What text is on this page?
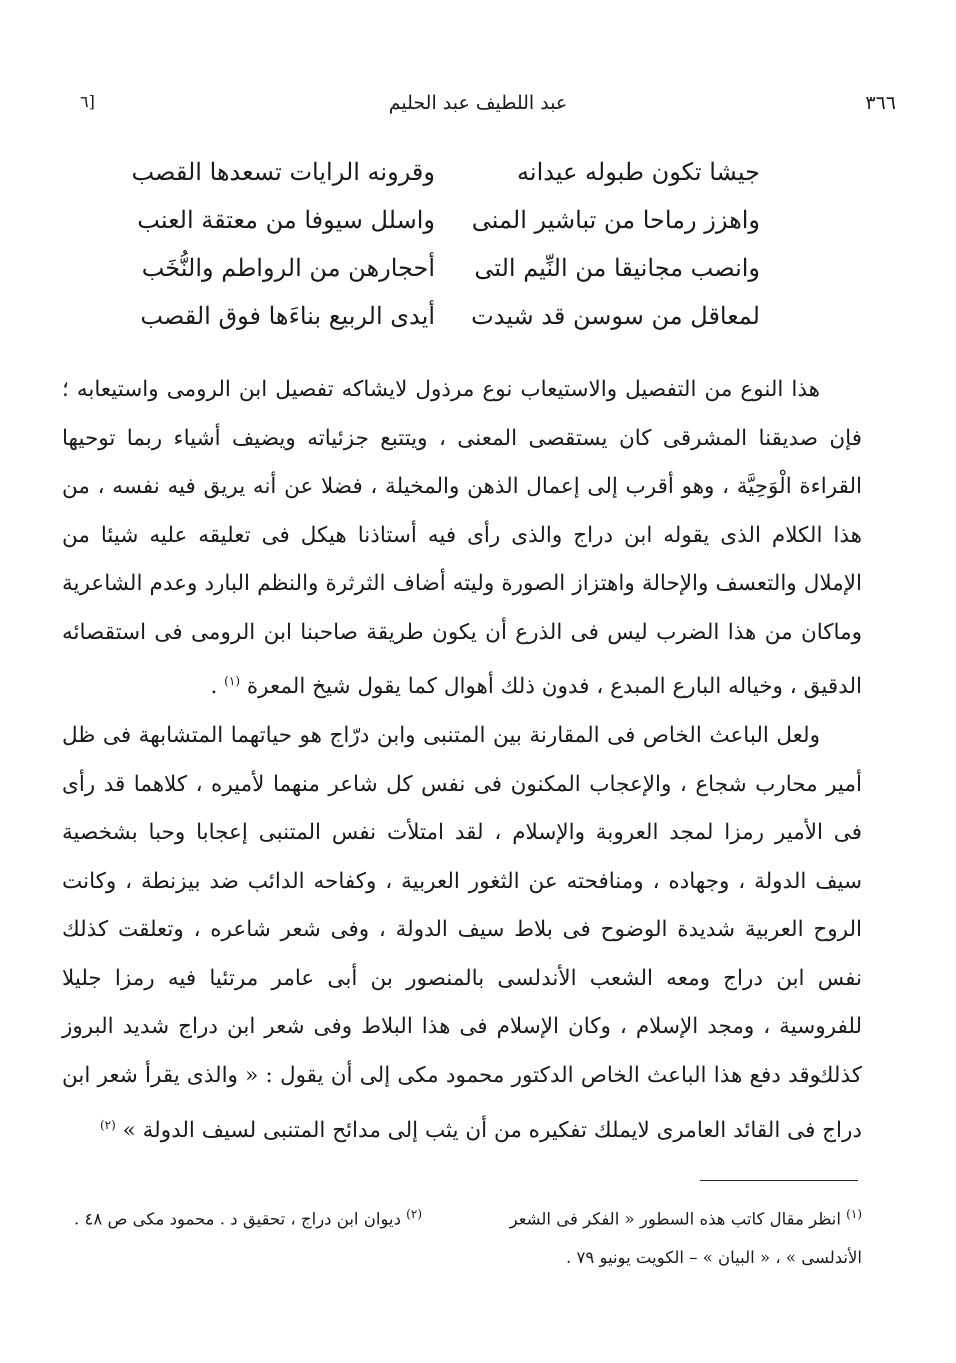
٣٦٦
عبد اللطيف عبد الحليم
[٦
جيشا تكون طبوله عيدانه
وقرونه الرايات تسعدها القصب
واهزز رماحا من تباشير المنى
واسلل سيوفا من معتقة العنب
وانصب مجانيقا من النِّيم التى
أحجارهن من الرواطم والنُّخَب
لمعاقل من سوسن قد شيدت
أيدى الربيع بناءَها فوق القصب

هذا النوع من التفصيل والاستيعاب نوع مرذول لايشاكه تفصيل ابن الرومى واستيعابه ؛ فإن صديقنا المشرقى كان يستقصى المعنى ، ويتتبع جزئياته ويضيف أشياء ربما توحيها القراءة الْوَحِيَّة ، وهو أقرب إلى إعمال الذهن والمخيلة ، فضلا عن أنه يريق فيه نفسه ، من هذا الكلام الذى يقوله ابن دراج والذى رأى فيه أستاذنا هيكل فى تعليقه عليه شيئا من الإملال والتعسف والإحالة واهتزاز الصورة وليته أضاف الثرثرة والنظم البارد وعدم الشاعرية وماكان من هذا الضرب ليس فى الذرع أن يكون طريقة صاحبنا ابن الرومى فى استقصائه الدقيق ، وخياله البارع المبدع ، فدون ذلك أهوال كما يقول شيخ المعرة $^{(١)}$ .

ولعل الباعث الخاص فى المقارنة بين المتنبى وابن درّاج هو حياتهما المتشابهة فى ظل أمير محارب شجاع ، والإعجاب المكنون فى نفس كل شاعر منهما لأميره ، كلاهما قد رأى فى الأمير رمزا لمجد العروبة والإسلام ، لقد امتلأت نفس المتنبى إعجابا وحبا بشخصية سيف الدولة ، وجهاده ، ومنافحته عن الثغور العربية ، وكفاحه الدائب ضد بيزنطة ، وكانت الروح العربية شديدة الوضوح فى بلاط سيف الدولة ، وفى شعر شاعره ، وتعلقت كذلك نفس ابن دراج ومعه الشعب الأندلسى بالمنصور بن أبى عامر مرتئيا فيه رمزا جليلا للفروسية ، ومجد الإسلام ، وكان الإسلام فى هذا البلاط وفى شعر ابن دراج شديد البروز كذلك .

وقد دفع هذا الباعث الخاص الدكتور محمود مكى إلى أن يقول : « والذى يقرأ شعر ابن دراج فى القائد العامرى لايملك تفكيره من أن يثب إلى مدائح المتنبى لسيف الدولة » $^{(٢)}$

$^{(١)}$ انظر مقال كاتب هذه السطور « الفكر فى الشعر الأندلسى » ، « البيان » – الكويت يونيو ٧٩ .
$^{(٢)}$ ديوان ابن دراج ، تحقيق د . محمود مكى ص ٤٨ .
